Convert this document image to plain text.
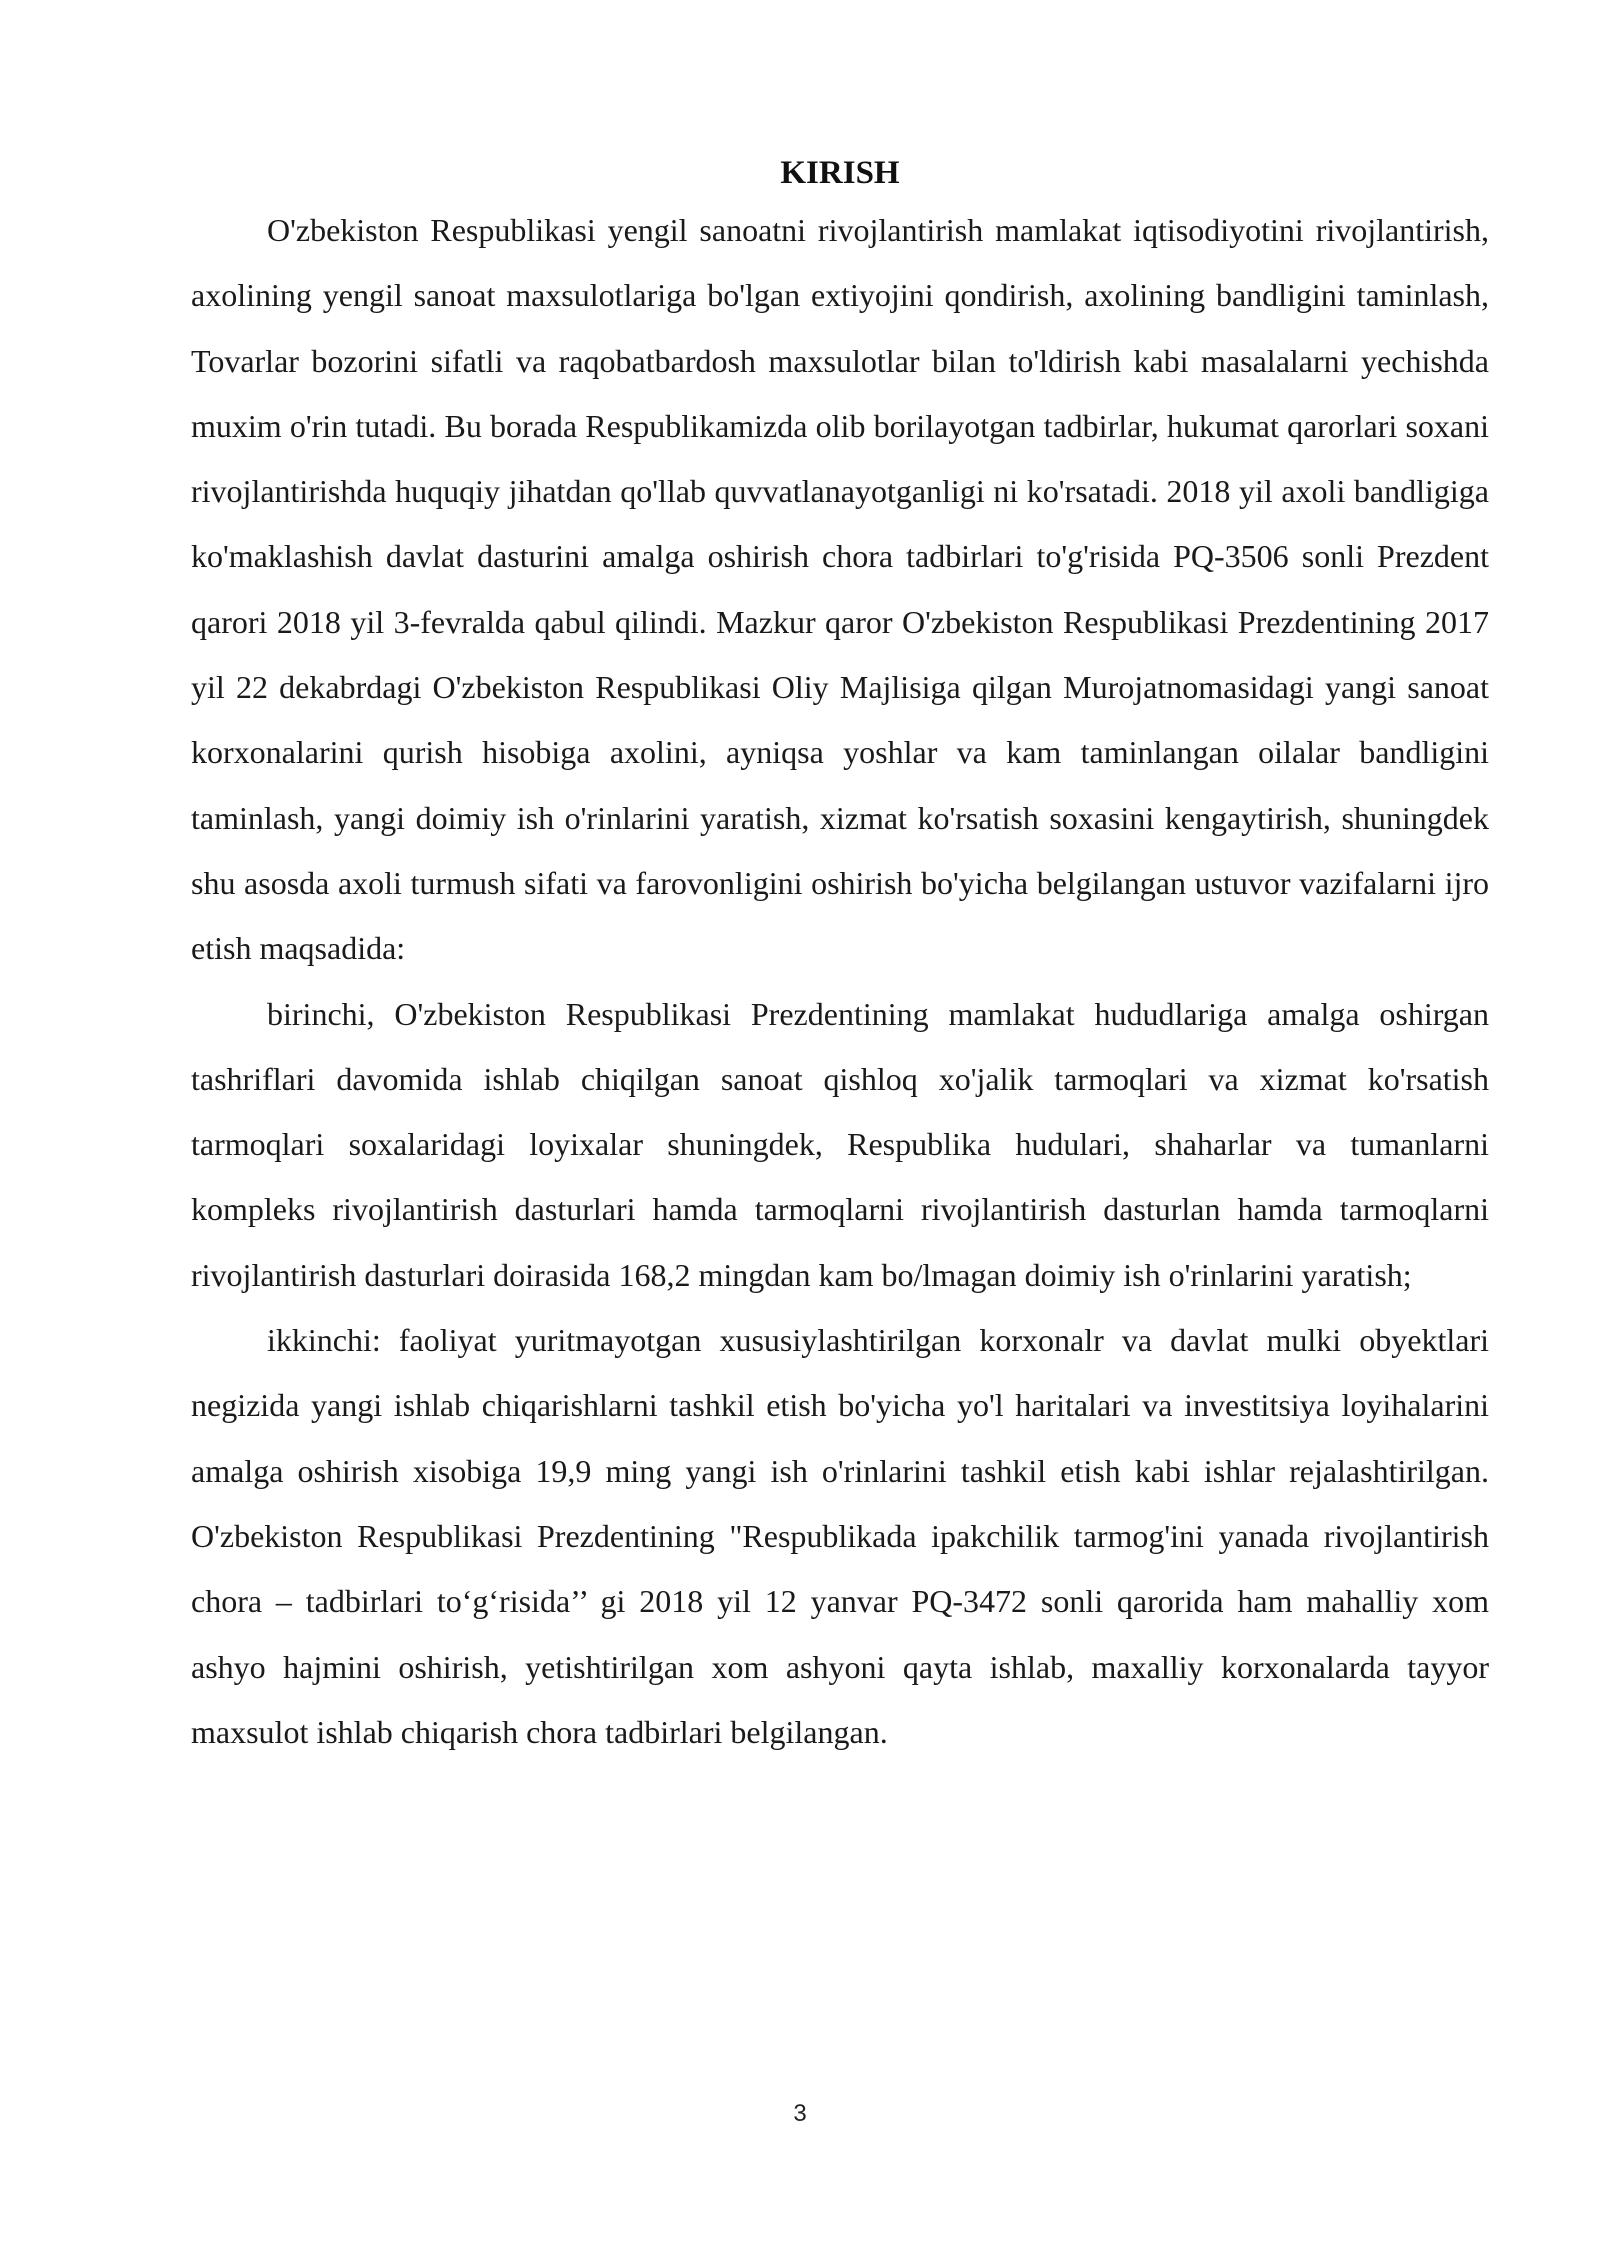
KIRISH

O'zbekiston Respublikasi yengil sanoatni rivojlantirish mamlakat iqtisodiyotini rivojlantirish, axolining yengil sanoat maxsulotlariga bo'lgan extiyojini qondirish, axolining bandligini taminlash, Tovarlar bozorini sifatli va raqobatbardosh maxsulotlar bilan to'ldirish kabi masalalarni yechishda muxim o'rin tutadi. Bu borada Respublikamizda olib borilayotgan tadbirlar, hukumat qarorlari soxani rivojlantirishda huquqiy jihatdan qo'llab quvvatlanayotganligi ni ko'rsatadi. 2018 yil axoli bandligiga ko'maklashish davlat dasturini amalga oshirish chora tadbirlari to'g'risida PQ-3506 sonli Prezdent qarori 2018 yil 3-fevralda qabul qilindi. Mazkur qaror O'zbekiston Respublikasi Prezdentining 2017 yil 22 dekabrdagi O'zbekiston Respublikasi Oliy Majlisiga qilgan Murojatnomasidagi yangi sanoat korxonalarini qurish hisobiga axolini, ayniqsa yoshlar va kam taminlangan oilalar bandligini taminlash, yangi doimiy ish o'rinlarini yaratish, xizmat ko'rsatish soxasini kengaytirish, shuningdek shu asosda axoli turmush sifati va farovonligini oshirish bo'yicha belgilangan ustuvor vazifalarni ijro etish maqsadida:

birinchi, O'zbekiston Respublikasi Prezdentining mamlakat hududlariga amalga oshirgan tashriflari davomida ishlab chiqilgan sanoat qishloq xo'jalik tarmoqlari va xizmat ko'rsatish tarmoqlari soxalaridagi loyixalar shuningdek, Respublika hudulari, shaharlar va tumanlarni kompleks rivojlantirish dasturlari hamda tarmoqlarni rivojlantirish dasturlan hamda tarmoqlarni rivojlantirish dasturlari doirasida 168,2 mingdan kam bo/lmagan doimiy ish o'rinlarini yaratish;

ikkinchi: faoliyat yuritmayotgan xususiylashtirilgan korxonalr va davlat mulki obyektlari negizida yangi ishlab chiqarishlarni tashkil etish bo'yicha yo'l haritalari va investitsiya loyihalarini amalga oshirish xisobiga 19,9 ming yangi ish o'rinlarini tashkil etish kabi ishlar rejalashtirilgan. O'zbekiston Respublikasi Prezdentining "Respublikada ipakchilik tarmog'ini yanada rivojlantirish chora – tadbirlari to‘g‘risida’’ gi 2018 yil 12 yanvar PQ-3472 sonli qarorida ham mahalliy xom ashyo hajmini oshirish, yetishtirilgan xom ashyoni qayta ishlab, maxalliy korxonalarda tayyor maxsulot ishlab chiqarish chora tadbirlari belgilangan.

3
